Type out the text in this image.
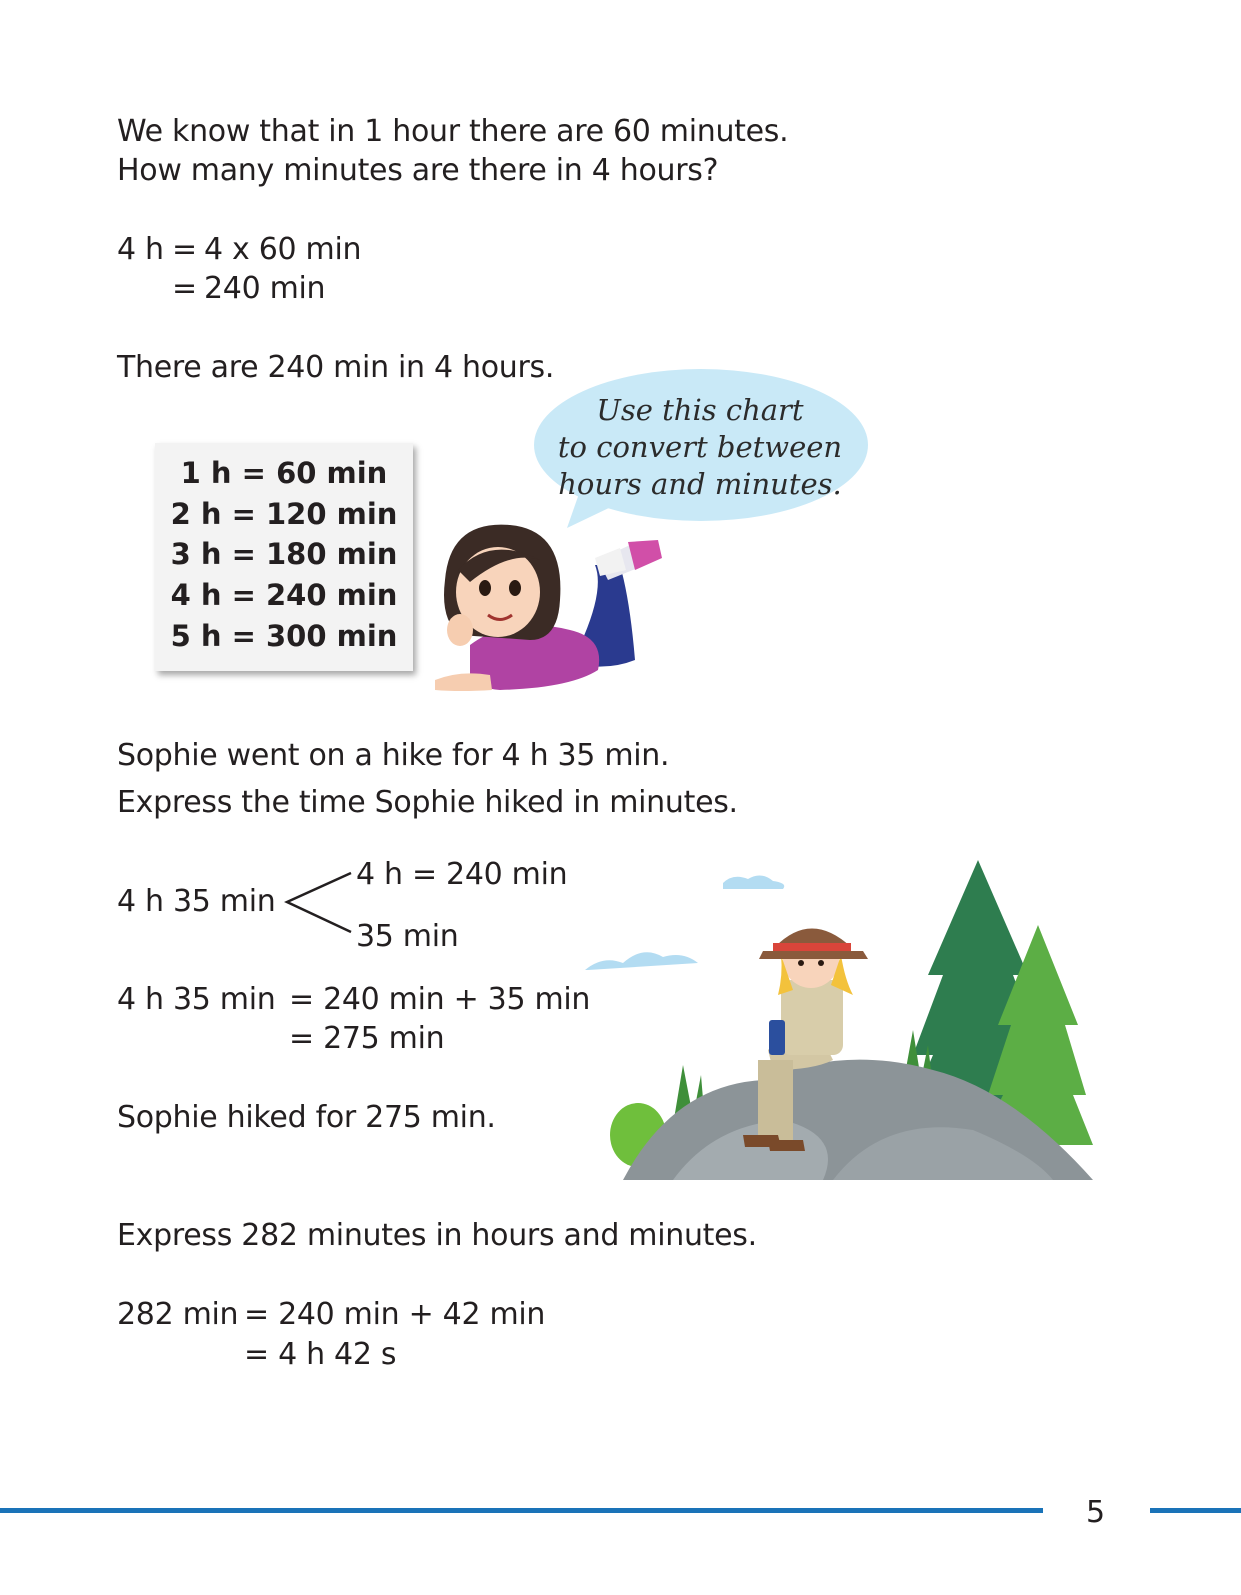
We know that in 1 hour there are 60 minutes.
How many minutes are there in 4 hours?
4 h = 4 x 60 min
= 240 min
There are 240 min in 4 hours.
1 h = 60 min
2 h = 120 min
3 h = 180 min
4 h = 240 min
5 h = 300 min
Use this chart
to convert between
hours and minutes.
Sophie went on a hike for 4 h 35 min.
Express the time Sophie hiked in minutes.
4 h 35 min
4 h = 240 min
35 min
4 h 35 min = 240 min + 35 min
= 275 min
Sophie hiked for 275 min.
Express 282 minutes in hours and minutes.
282 min = 240 min + 42 min
= 4 h 42 s
5
